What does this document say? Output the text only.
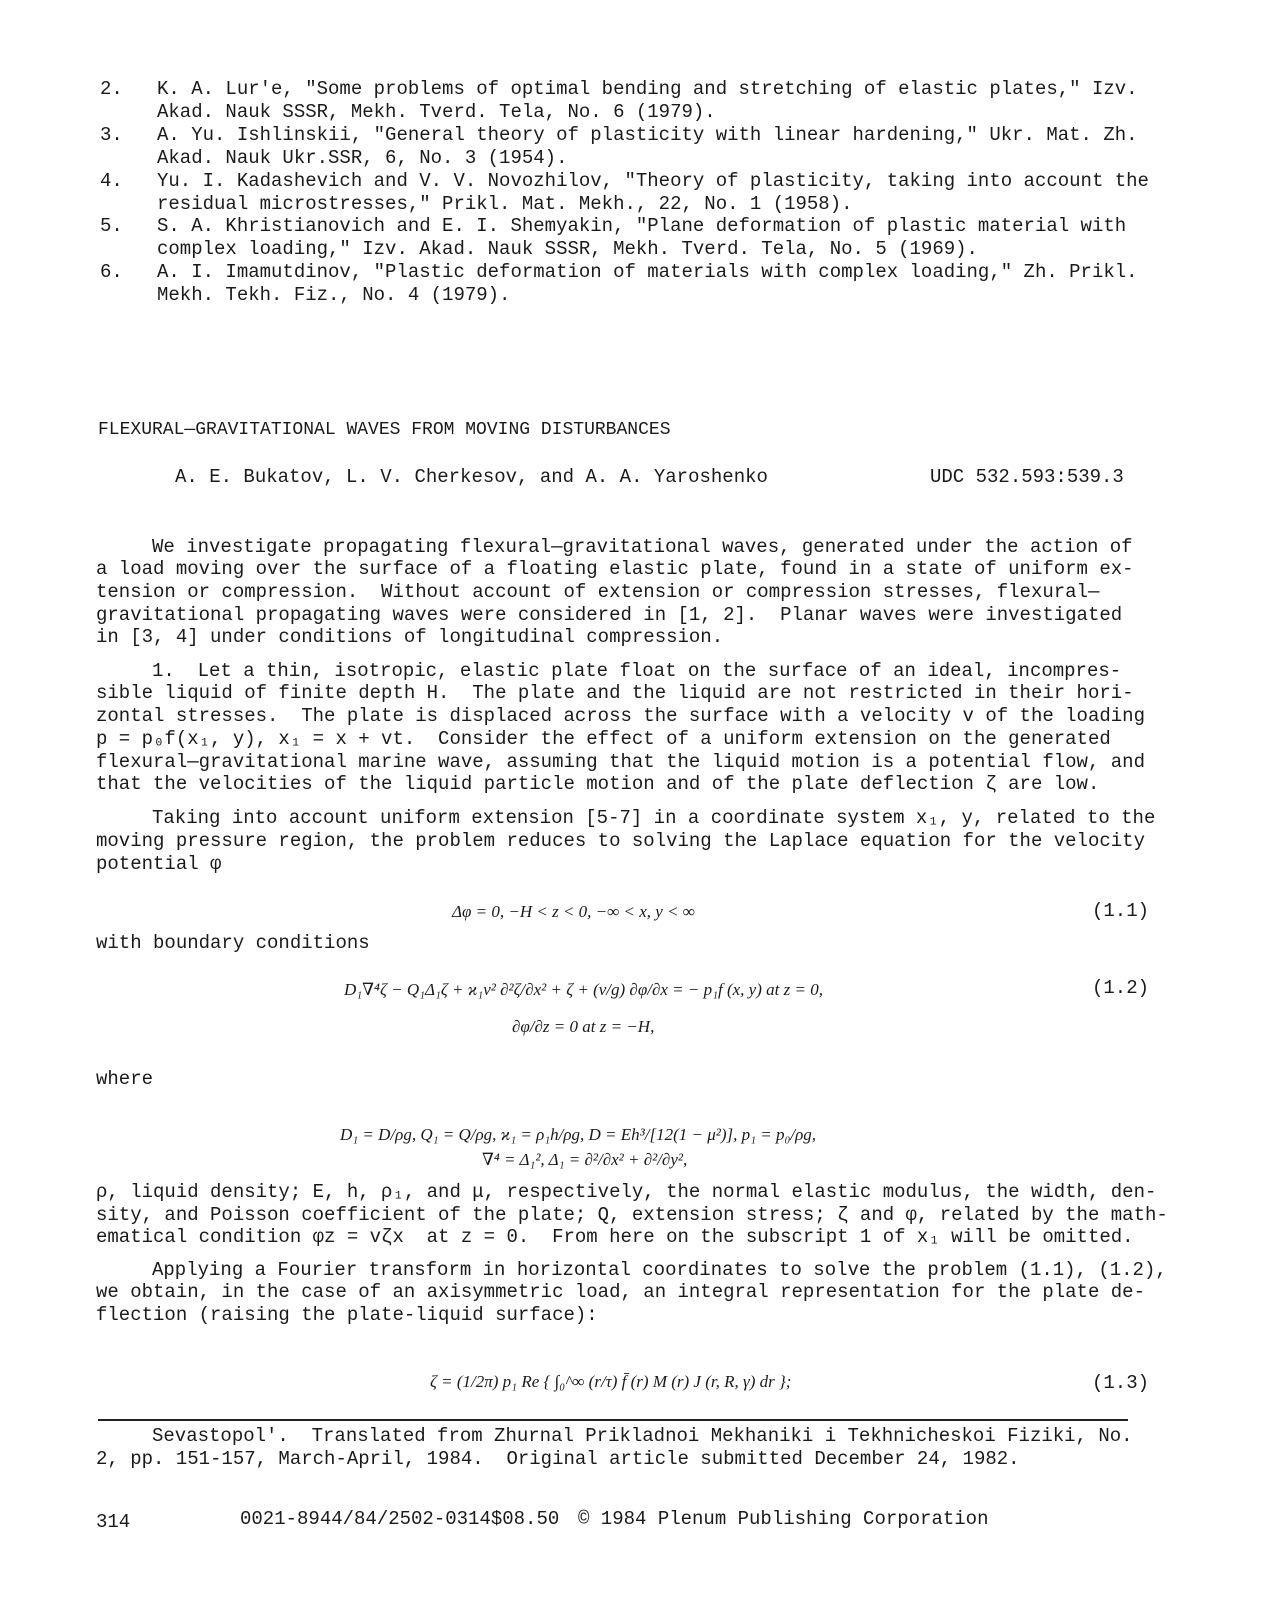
2. K. A. Lur'e, "Some problems of optimal bending and stretching of elastic plates," Izv.
Akad. Nauk SSSR, Mekh. Tverd. Tela, No. 6 (1979).
3. A. Yu. Ishlinskii, "General theory of plasticity with linear hardening," Ukr. Mat. Zh.
Akad. Nauk Ukr.SSR, 6, No. 3 (1954).
4. Yu. I. Kadashevich and V. V. Novozhilov, "Theory of plasticity, taking into account the
residual microstresses," Prikl. Mat. Mekh., 22, No. 1 (1958).
5. S. A. Khristianovich and E. I. Shemyakin, "Plane deformation of plastic material with
complex loading," Izv. Akad. Nauk SSSR, Mekh. Tverd. Tela, No. 5 (1969).
6. A. I. Imamutdinov, "Plastic deformation of materials with complex loading," Zh. Prikl.
Mekh. Tekh. Fiz., No. 4 (1979).
FLEXURAL—GRAVITATIONAL WAVES FROM MOVING DISTURBANCES
A. E. Bukatov, L. V. Cherkesov, and A. A. Yaroshenko	UDC 532.593:539.3
We investigate propagating flexural—gravitational waves, generated under the action of
a load moving over the surface of a floating elastic plate, found in a state of uniform ex-
tension or compression.  Without account of extension or compression stresses, flexural—
gravitational propagating waves were considered in [1, 2].  Planar waves were investigated
in [3, 4] under conditions of longitudinal compression.
1.  Let a thin, isotropic, elastic plate float on the surface of an ideal, incompres-
sible liquid of finite depth H.  The plate and the liquid are not restricted in their hori-
zontal stresses.  The plate is displaced across the surface with a velocity v of the loading
p = p₀f(x₁, y), x₁ = x + vt.  Consider the effect of a uniform extension on the generated
flexural—gravitational marine wave, assuming that the liquid motion is a potential flow, and
that the velocities of the liquid particle motion and of the plate deflection ζ are low.
Taking into account uniform extension [5-7] in a coordinate system x₁, y, related to the
moving pressure region, the problem reduces to solving the Laplace equation for the velocity
potential φ
Δφ = 0, −H < z < 0, −∞ < x, y < ∞	(1.1)
with boundary conditions
D₁∇⁴ζ − Q₁Δ₁ζ + ϰ₁v² ∂²ζ/∂x² + ζ + (v/g) ∂φ/∂x = − p₁f (x, y) at z = 0,	(1.2)
∂φ/∂z = 0 at z = −H,
where
D₁ = D/ρg, Q₁ = Q/ρg, ϰ₁ = ρ₁h/ρg, D = Eh³/[12(1 − μ²)], p₁ = p₀/ρg,
∇⁴ = Δ₁², Δ₁ = ∂²/∂x² + ∂²/∂y²,
ρ, liquid density; E, h, ρ₁, and μ, respectively, the normal elastic modulus, the width, den-
sity, and Poisson coefficient of the plate; Q, extension stress; ζ and φ, related by the math-
ematical condition φz = vζx  at z = 0.  From here on the subscript 1 of x₁ will be omitted.
Applying a Fourier transform in horizontal coordinates to solve the problem (1.1), (1.2),
we obtain, in the case of an axisymmetric load, an integral representation for the plate de-
flection (raising the plate-liquid surface):
ζ = (1/2π) p₁ Re { ∫₀^∞ (r/τ) f̄ (r) M (r) J (r, R, γ) dr };	(1.3)
Sevastopol'.  Translated from Zhurnal Prikladnoi Mekhaniki i Tekhnicheskoi Fiziki, No.
2, pp. 151-157, March-April, 1984.  Original article submitted December 24, 1982.
314	0021-8944/84/2502-0314$08.50 © 1984 Plenum Publishing Corporation
